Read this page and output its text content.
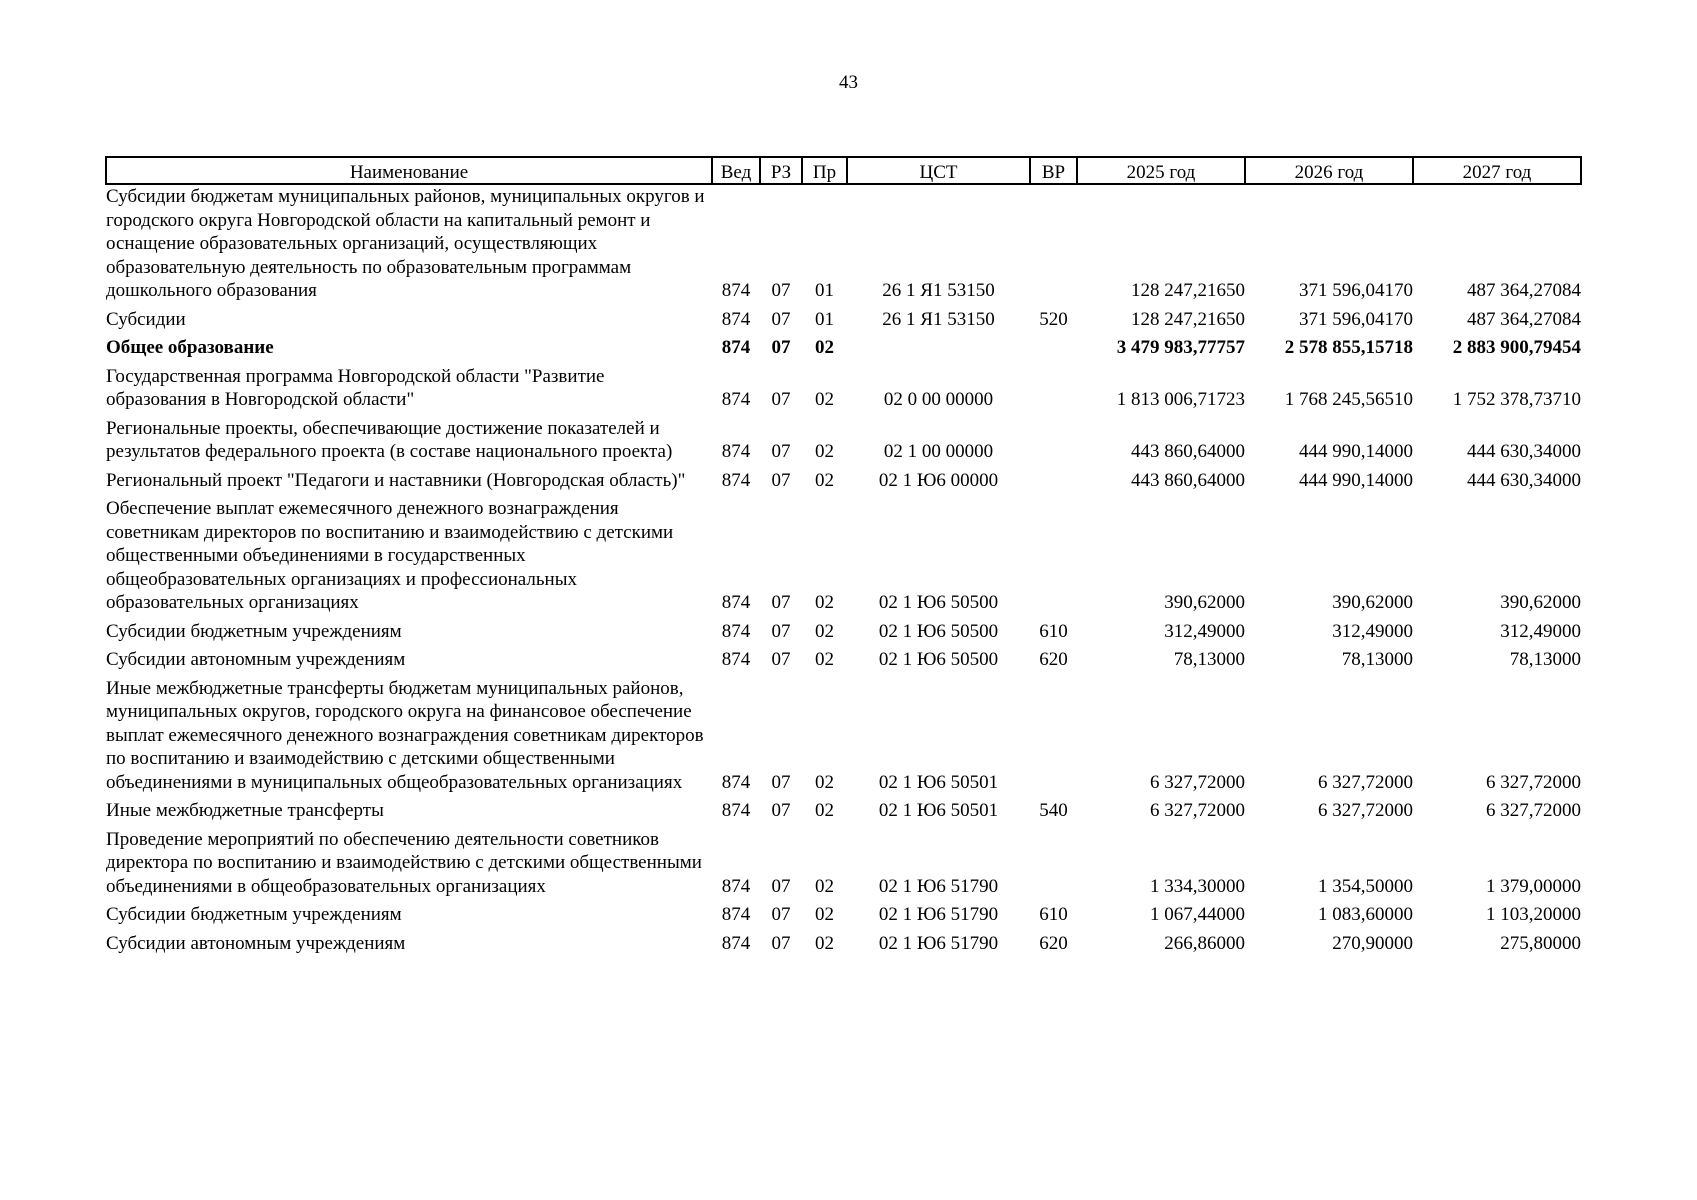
43
Наименование	Вед	РЗ	Пр	ЦСТ	ВР	2025 год	2026 год	2027 год
Субсидии бюджетам муниципальных районов, муниципальных округов и городского округа Новгородской области на капитальный ремонт и оснащение образовательных организаций, осуществляющих образовательную деятельность по образовательным программам дошкольного образования	874	07	01	26 1 Я1 53150		128 247,21650	371 596,04170	487 364,27084
Субсидии	874	07	01	26 1 Я1 53150	520	128 247,21650	371 596,04170	487 364,27084
Общее образование	874	07	02			3 479 983,77757	2 578 855,15718	2 883 900,79454
Государственная программа Новгородской области "Развитие образования в Новгородской области"	874	07	02	02 0 00 00000		1 813 006,71723	1 768 245,56510	1 752 378,73710
Региональные проекты, обеспечивающие достижение показателей и результатов федерального проекта (в составе национального проекта)	874	07	02	02 1 00 00000		443 860,64000	444 990,14000	444 630,34000
Региональный проект "Педагоги и наставники (Новгородская область)"	874	07	02	02 1 Ю6 00000		443 860,64000	444 990,14000	444 630,34000
Обеспечение выплат ежемесячного денежного вознаграждения советникам директоров по воспитанию и взаимодействию с детскими общественными объединениями в государственных общеобразовательных организациях и профессиональных образовательных организациях	874	07	02	02 1 Ю6 50500		390,62000	390,62000	390,62000
Субсидии бюджетным учреждениям	874	07	02	02 1 Ю6 50500	610	312,49000	312,49000	312,49000
Субсидии автономным учреждениям	874	07	02	02 1 Ю6 50500	620	78,13000	78,13000	78,13000
Иные межбюджетные трансферты бюджетам муниципальных районов, муниципальных округов, городского округа на финансовое обеспечение выплат ежемесячного денежного вознаграждения советникам директоров по воспитанию и взаимодействию с детскими общественными объединениями в муниципальных общеобразовательных организациях	874	07	02	02 1 Ю6 50501		6 327,72000	6 327,72000	6 327,72000
Иные межбюджетные трансферты	874	07	02	02 1 Ю6 50501	540	6 327,72000	6 327,72000	6 327,72000
Проведение мероприятий по обеспечению деятельности советников директора по воспитанию и взаимодействию с детскими общественными объединениями в общеобразовательных организациях	874	07	02	02 1 Ю6 51790		1 334,30000	1 354,50000	1 379,00000
Субсидии бюджетным учреждениям	874	07	02	02 1 Ю6 51790	610	1 067,44000	1 083,60000	1 103,20000
Субсидии автономным учреждениям	874	07	02	02 1 Ю6 51790	620	266,86000	270,90000	275,80000
